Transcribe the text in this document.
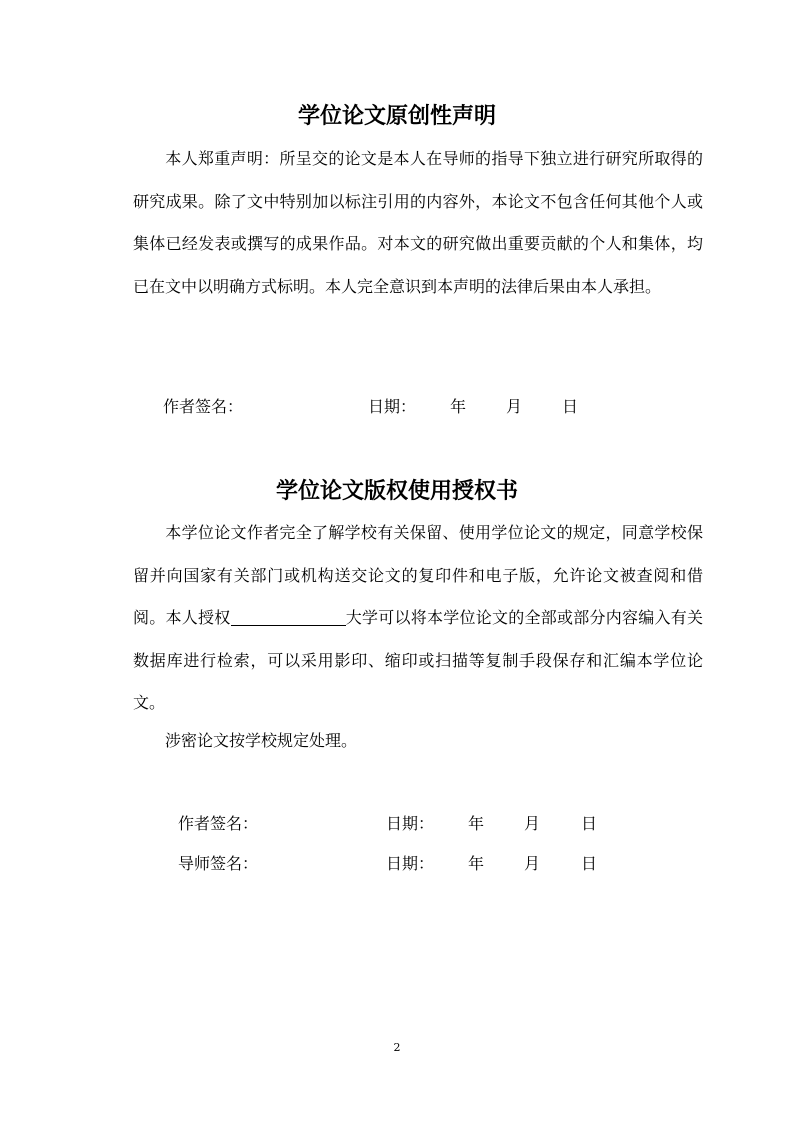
学位论文原创性声明

本人郑重声明：所呈交的论文是本人在导师的指导下独立进行研究所取得的研究成果。除了文中特别加以标注引用的内容外，本论文不包含任何其他个人或集体已经发表或撰写的成果作品。对本文的研究做出重要贡献的个人和集体，均已在文中以明确方式标明。本人完全意识到本声明的法律后果由本人承担。

作者签名：	日期： 年 月 日
学位论文版权使用授权书

本学位论文作者完全了解学校有关保留、使用学位论文的规定，同意学校保留并向国家有关部门或机构送交论文的复印件和电子版，允许论文被查阅和借阅。本人授权	大学可以将本学位论文的全部或部分内容编入有关数据库进行检索，可以采用影印、缩印或扫描等复制手段保存和汇编本学位论文。

涉密论文按学校规定处理。

作者签名：	日期： 年 月	日
导师签名：	日期： 年 月	日
2
